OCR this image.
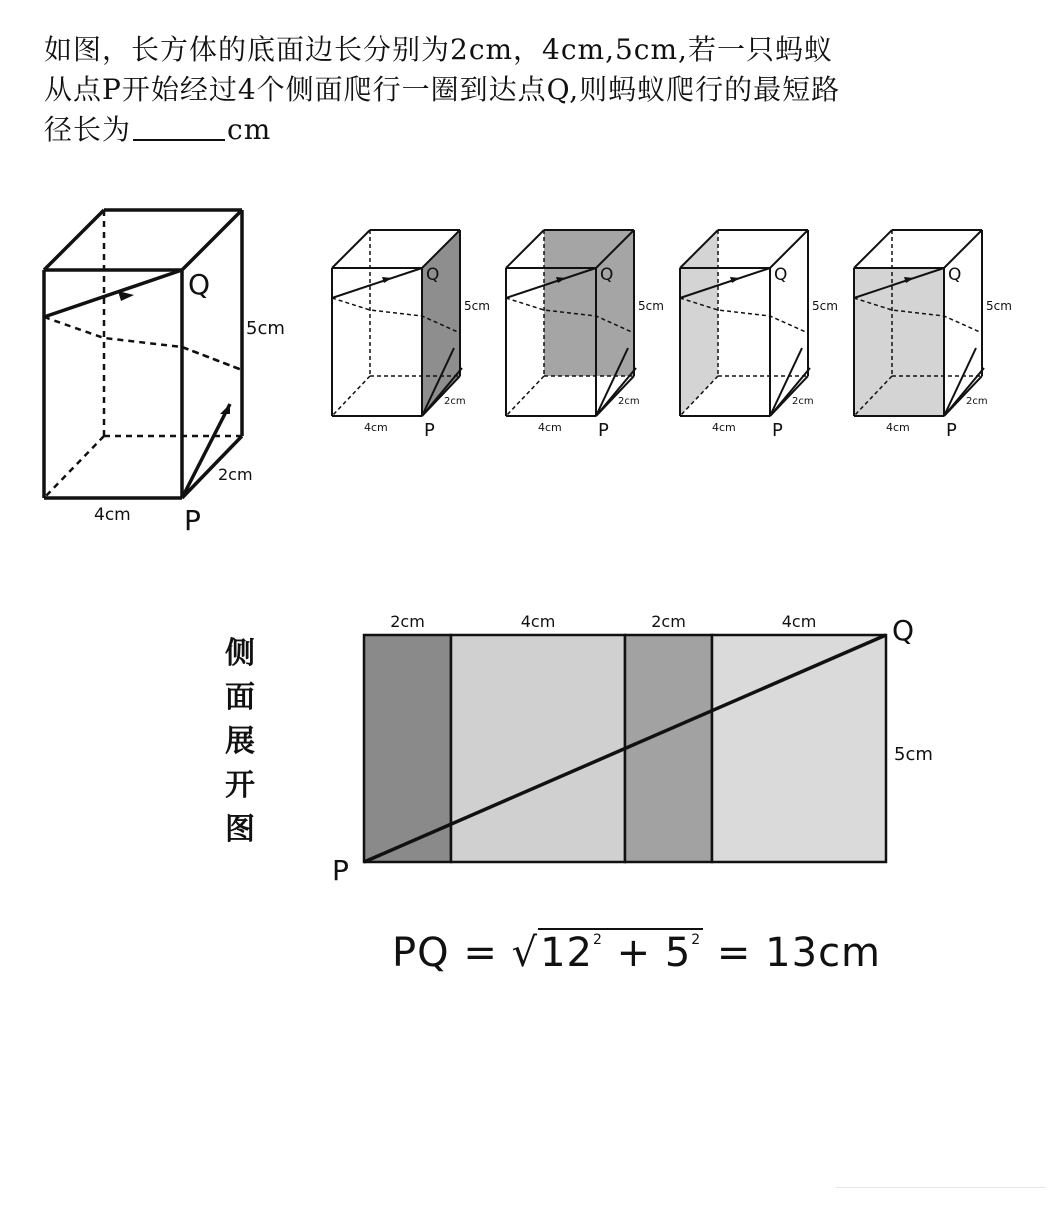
如图，长方体的底面边长分别为2cm，4cm,5cm,若一只蚂蚁
从点P开始经过4个侧面爬行一圈到达点Q,则蚂蚁爬行的最短路
径长为	cm
Q
P
5cm
4cm
2cm
Q
P
5cm
4cm
2cm
Q
P
5cm
4cm
2cm
Q
P
5cm
4cm
2cm
Q
P
5cm
4cm
2cm
侧
面
展
开
图
2cm	4cm	2cm	4cm
P
Q
5cm
PQ = $√12^2 + 5^2 = 13cm$
